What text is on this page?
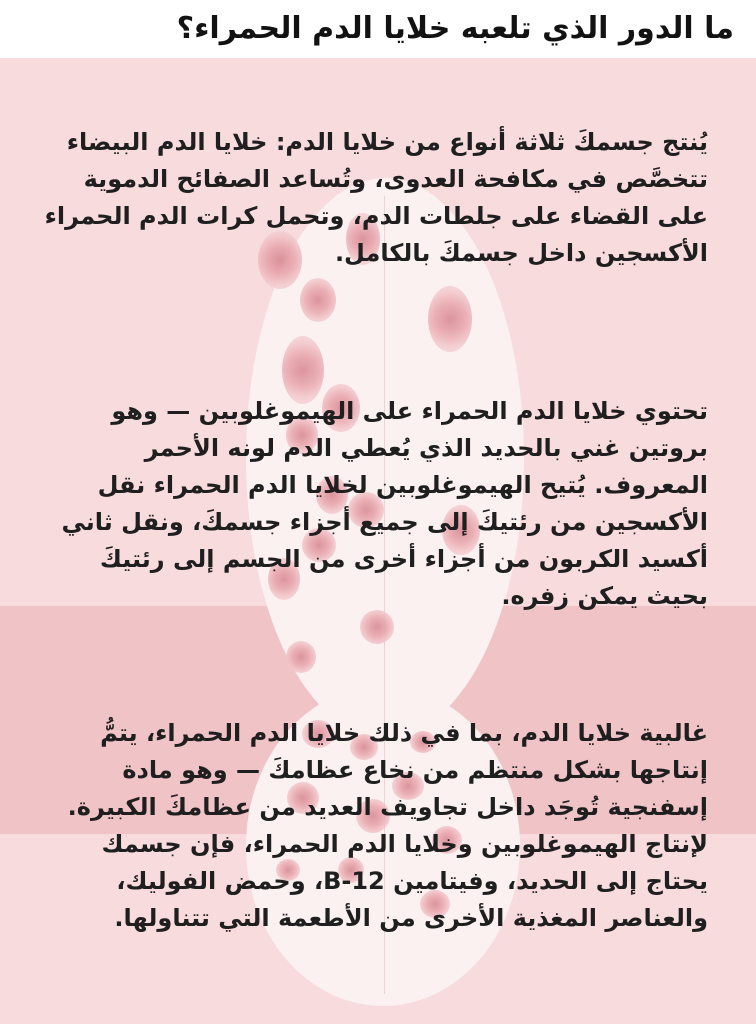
ما الدور الذي تلعبه خلايا الدم الحمراء؟

يُنتج جسمكَ ثلاثة أنواع من خلايا الدم: خلايا الدم البيضاء تتخصَّص في مكافحة العدوى، وتُساعد الصفائح الدموية على القضاء على جلطات الدم، وتحمل كرات الدم الحمراء الأكسجين داخل جسمكَ بالكامل.

تحتوي خلايا الدم الحمراء على الهيموغلوبين — وهو بروتين غني بالحديد الذي يُعطي الدم لونه الأحمر المعروف. يُتيح الهيموغلوبين لخلايا الدم الحمراء نقل الأكسجين من رئتيكَ إلى جميع أجزاء جسمكَ، ونقل ثاني أكسيد الكربون من أجزاء أخرى من الجسم إلى رئتيكَ بحيث يمكن زفره.

غالبية خلايا الدم، بما في ذلك خلايا الدم الحمراء، يتمُّ إنتاجها بشكل منتظم من نخاع عظامكَ — وهو مادة إسفنجية تُوجَد داخل تجاويف العديد من عظامكَ الكبيرة. لإنتاج الهيموغلوبين وخلايا الدم الحمراء، فإن جسمك يحتاج إلى الحديد، وفيتامين B-12، وحمض الفوليك، والعناصر المغذية الأخرى من الأطعمة التي تتناولها.
